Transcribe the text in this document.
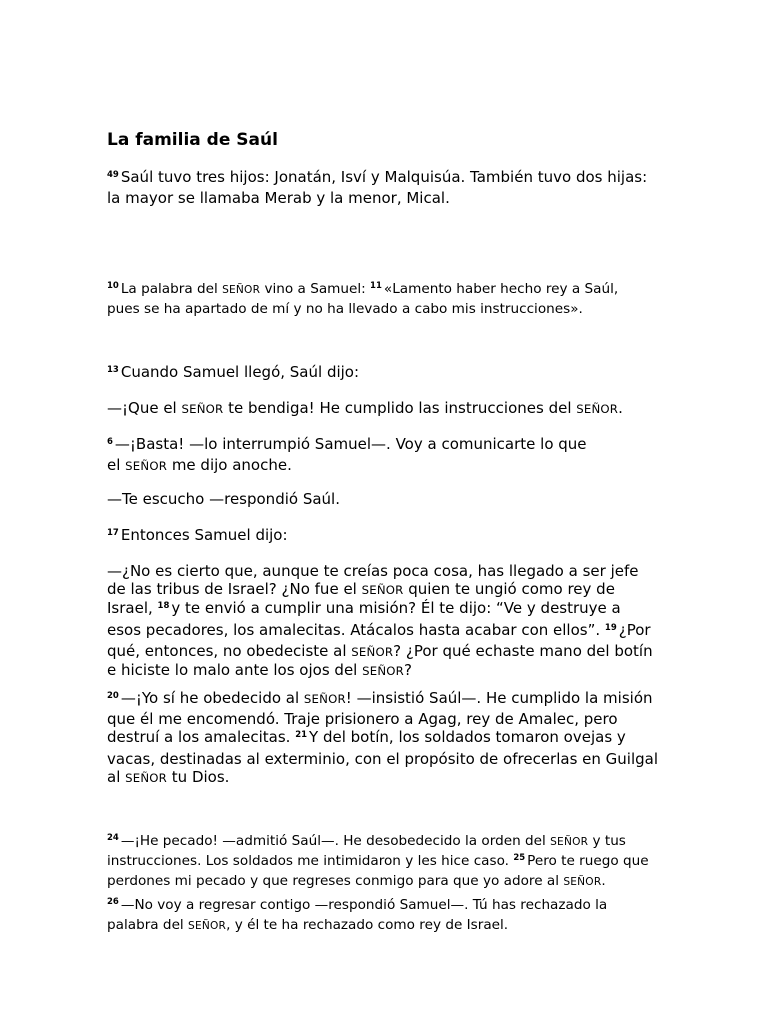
La familia de Saúl

$^{49}$ Saúl tuvo tres hijos: Jonatán, Isví y Malquisúa. También tuvo dos hijas:
la mayor se llamaba Merab y la menor, Mical.

$^{10}$ La palabra del SEÑOR vino a Samuel: $^{11}$ «Lamento haber hecho rey a Saúl,
pues se ha apartado de mí y no ha llevado a cabo mis instrucciones».

$^{13}$ Cuando Samuel llegó, Saúl dijo:

—¡Que el SEÑOR te bendiga! He cumplido las instrucciones del SEÑOR.

$^6$ —¡Basta! —lo interrumpió Samuel—. Voy a comunicarte lo que
el SEÑOR me dijo anoche.

—Te escucho —respondió Saúl.

$^{17}$ Entonces Samuel dijo:

—¿No es cierto que, aunque te creías poca cosa, has llegado a ser jefe
de las tribus de Israel? ¿No fue el SEÑOR quien te ungió como rey de
Israel, $^{18}$ y te envió a cumplir una misión? Él te dijo: “Ve y destruye a
esos pecadores, los amalecitas. Atácalos hasta acabar con ellos”. $^{19}$ ¿Por
qué, entonces, no obedeciste al SEÑOR? ¿Por qué echaste mano del botín
e hiciste lo malo ante los ojos del SEÑOR?

$^{20}$ —¡Yo sí he obedecido al SEÑOR! —insistió Saúl—. He cumplido la misión
que él me encomendó. Traje prisionero a Agag, rey de Amalec, pero
destruí a los amalecitas. $^{21}$ Y del botín, los soldados tomaron ovejas y
vacas, destinadas al exterminio, con el propósito de ofrecerlas en Guilgal
al SEÑOR tu Dios.

$^{24}$ —¡He pecado! —admitió Saúl—. He desobedecido la orden del SEÑOR y tus
instrucciones. Los soldados me intimidaron y les hice caso. $^{25}$ Pero te ruego que
perdones mi pecado y que regreses conmigo para que yo adore al SEÑOR.

$^{26}$ —No voy a regresar contigo —respondió Samuel—. Tú has rechazado la
palabra del SEÑOR, y él te ha rechazado como rey de Israel.
